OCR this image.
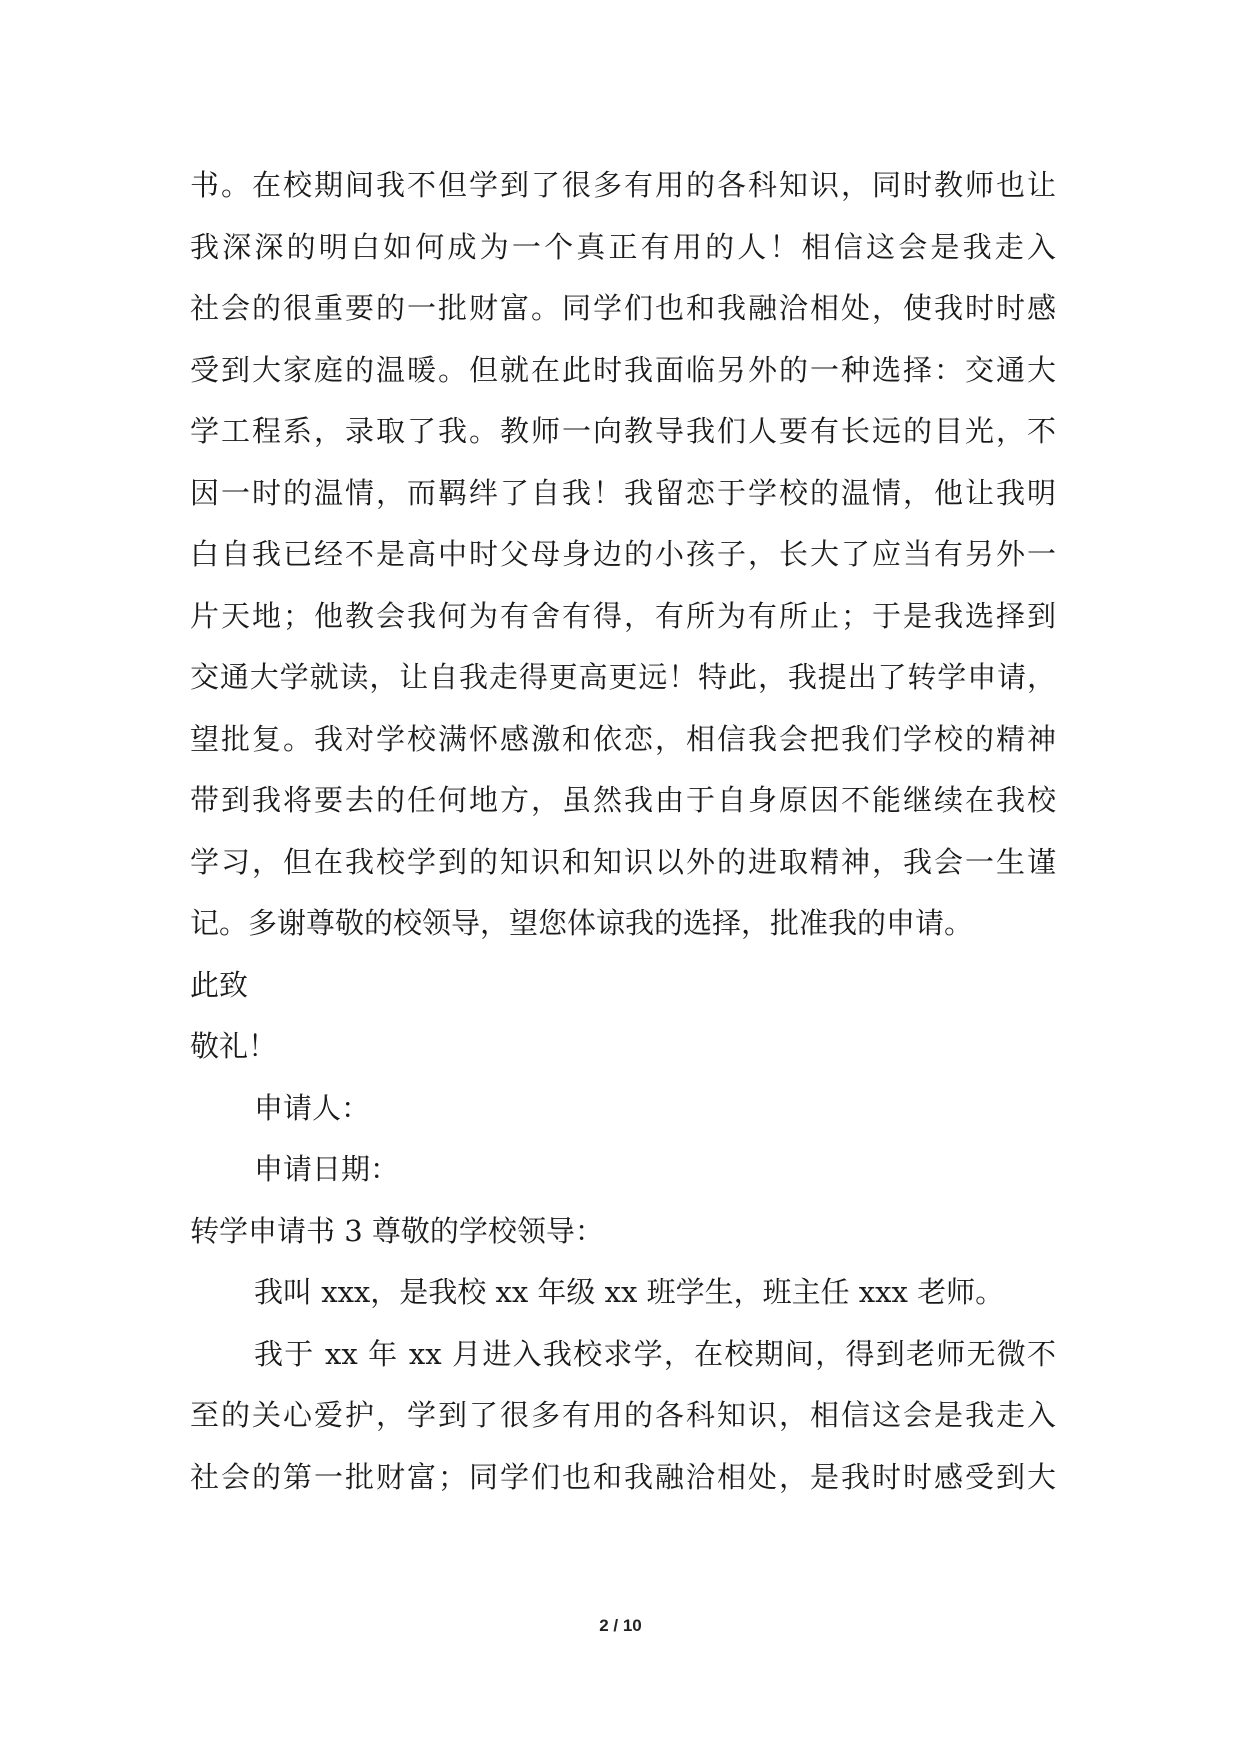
书。在校期间我不但学到了很多有用的各科知识，同时教师也让
我深深的明白如何成为一个真正有用的人！相信这会是我走入
社会的很重要的一批财富。同学们也和我融洽相处，使我时时感
受到大家庭的温暖。但就在此时我面临另外的一种选择：交通大
学工程系，录取了我。教师一向教导我们人要有长远的目光，不
因一时的温情，而羁绊了自我！我留恋于学校的温情，他让我明
白自我已经不是高中时父母身边的小孩子，长大了应当有另外一
片天地；他教会我何为有舍有得，有所为有所止；于是我选择到
交通大学就读，让自我走得更高更远！特此，我提出了转学申请，
望批复。我对学校满怀感激和依恋，相信我会把我们学校的精神
带到我将要去的任何地方，虽然我由于自身原因不能继续在我校
学习，但在我校学到的知识和知识以外的进取精神，我会一生谨
记。多谢尊敬的校领导，望您体谅我的选择，批准我的申请。
此致
敬礼！
申请人：
申请日期：
转学申请书 3 尊敬的学校领导：
我叫 xxx，是我校 xx 年级 xx 班学生，班主任 xxx 老师。
我于 xx 年 xx 月进入我校求学，在校期间，得到老师无微不
至的关心爱护，学到了很多有用的各科知识，相信这会是我走入
社会的第一批财富；同学们也和我融洽相处，是我时时感受到大
2 / 10
